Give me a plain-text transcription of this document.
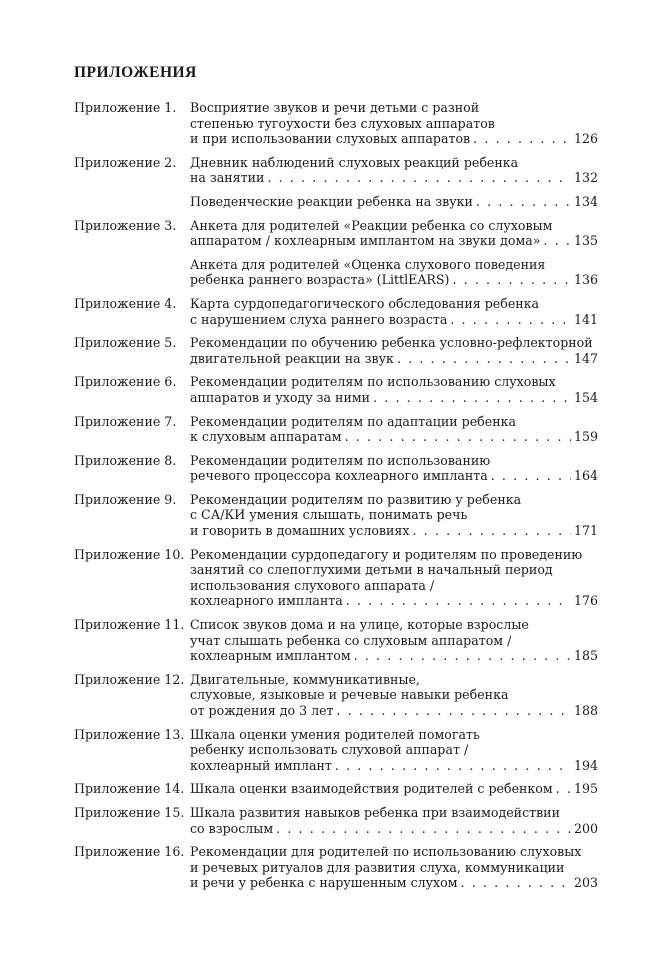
ПРИЛОЖЕНИЯ
Приложение 1.	Восприятие звуков и речи детьми с разной
степенью тугоухости без слуховых аппаратов
и при использовании слуховых аппаратов . . .	126
Приложение 2.	Дневник наблюдений слуховых реакций ребенка
на занятии . . .	132
Поведенческие реакции ребенка на звуки . . .	134
Приложение 3.	Анкета для родителей «Реакции ребенка со слуховым
аппаратом / кохлеарным имплантом на звуки дома» . . .	135
Анкета для родителей «Оценка слухового поведения
ребенка раннего возраста» (LittlEARS) . . .	136
Приложение 4.	Карта сурдопедагогического обследования ребенка
с нарушением слуха раннего возраста . . .	141
Приложение 5.	Рекомендации по обучению ребенка условно-рефлекторной
двигательной реакции на звук . . .	147
Приложение 6.	Рекомендации родителям по использованию слуховых
аппаратов и уходу за ними . . .	154
Приложение 7.	Рекомендации родителям по адаптации ребенка
к слуховым аппаратам . . .	159
Приложение 8.	Рекомендации родителям по использованию
речевого процессора кохлеарного импланта . . .	164
Приложение 9.	Рекомендации родителям по развитию у ребенка
с СА/КИ умения слышать, понимать речь
и говорить в домашних условиях . . .	171
Приложение 10. Рекомендации сурдопедагогу и родителям по проведению
занятий со слепоглухими детьми в начальный период
использования слухового аппарата /
кохлеарного импланта . . .	176
Приложение 11. Список звуков дома и на улице, которые взрослые
учат слышать ребенка со слуховым аппаратом /
кохлеарным имплантом . . .	185
Приложение 12. Двигательные, коммуникативные,
слуховые, языковые и речевые навыки ребенка
от рождения до 3 лет . . .	188
Приложение 13. Шкала оценки умения родителей помогать
ребенку использовать слуховой аппарат /
кохлеарный имплант . . .	194
Приложение 14. Шкала оценки взаимодействия родителей с ребенком . . . 195
Приложение 15. Шкала развития навыков ребенка при взаимодействии
со взрослым . . .	200
Приложение 16. Рекомендации для родителей по использованию слуховых
и речевых ритуалов для развития слуха, коммуникации
и речи у ребенка с нарушенным слухом . . .	203
